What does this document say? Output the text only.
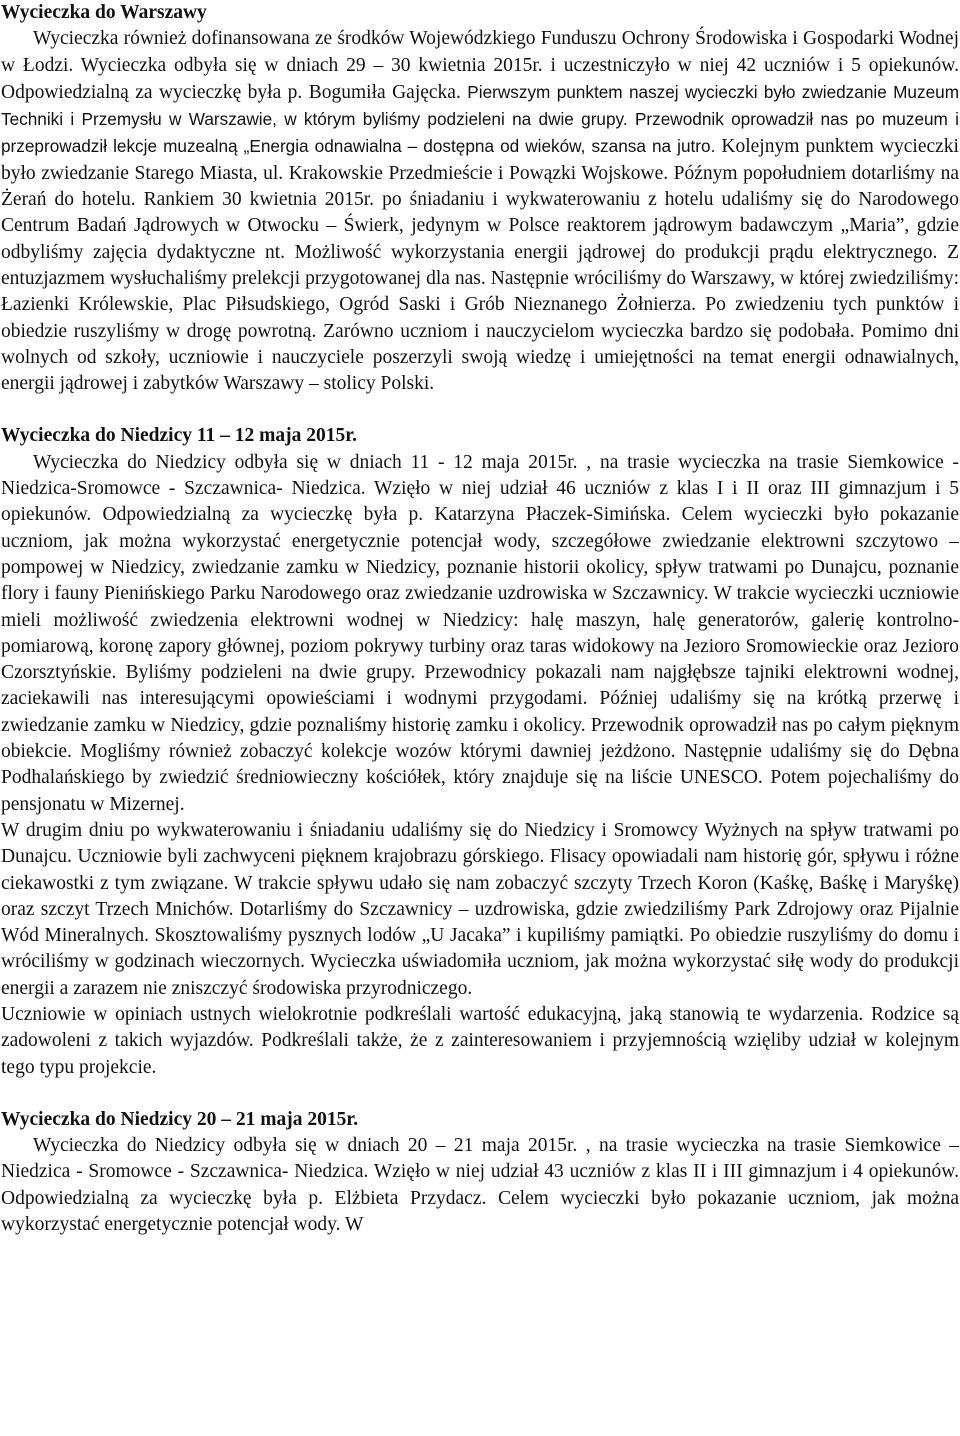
Wycieczka do Warszawy

Wycieczka również dofinansowana ze środków Wojewódzkiego Funduszu Ochrony Środowiska i Gospodarki Wodnej w Łodzi. Wycieczka odbyła się w dniach 29 – 30 kwietnia 2015r. i uczestniczyło w niej 42 uczniów i 5 opiekunów. Odpowiedzialną za wycieczkę była p. Bogumiła Gajęcka. Pierwszym punktem naszej wycieczki było zwiedzanie Muzeum Techniki i Przemysłu w Warszawie, w którym byliśmy podzieleni na dwie grupy. Przewodnik oprowadził nas po muzeum i przeprowadził lekcje muzealną „Energia odnawialna – dostępna od wieków, szansa na jutro. Kolejnym punktem wycieczki było zwiedzanie Starego Miasta, ul. Krakowskie Przedmieście i Powązki Wojskowe. Późnym popołudniem dotarliśmy na Żerań do hotelu. Rankiem 30 kwietnia 2015r. po śniadaniu i wykwaterowaniu z hotelu udaliśmy się do Narodowego Centrum Badań Jądrowych w Otwocku – Świerk, jedynym w Polsce reaktorem jądrowym badawczym „Maria”, gdzie odbyliśmy zajęcia dydaktyczne nt. Możliwość wykorzystania energii jądrowej do produkcji prądu elektrycznego. Z entuzjazmem wysłuchaliśmy prelekcji przygotowanej dla nas. Następnie wróciliśmy do Warszawy, w której zwiedziliśmy: Łazienki Królewskie, Plac Piłsudskiego, Ogród Saski i Grób Nieznanego Żołnierza. Po zwiedzeniu tych punktów i obiedzie ruszyliśmy w drogę powrotną. Zarówno uczniom i nauczycielom wycieczka bardzo się podobała. Pomimo dni wolnych od szkoły, uczniowie i nauczyciele poszerzyli swoją wiedzę i umiejętności na temat energii odnawialnych, energii jądrowej i zabytków Warszawy – stolicy Polski.

Wycieczka do Niedzicy 11 – 12 maja 2015r.

Wycieczka do Niedzicy odbyła się w dniach 11 - 12 maja 2015r. , na trasie wycieczka na trasie Siemkowice - Niedzica-Sromowce - Szczawnica- Niedzica. Wzięło w niej udział 46 uczniów z klas I i II oraz III gimnazjum i 5 opiekunów. Odpowiedzialną za wycieczkę była p. Katarzyna Płaczek-Simińska. Celem wycieczki było pokazanie uczniom, jak można wykorzystać energetycznie potencjał wody, szczegółowe zwiedzanie elektrowni szczytowo – pompowej w Niedzicy, zwiedzanie zamku w Niedzicy, poznanie historii okolicy, spływ tratwami po Dunajcu, poznanie flory i fauny Pienińskiego Parku Narodowego oraz zwiedzanie uzdrowiska w Szczawnicy. W trakcie wycieczki uczniowie mieli możliwość zwiedzenia elektrowni wodnej w Niedzicy: halę maszyn, halę generatorów, galerię kontrolno-pomiarową, koronę zapory głównej, poziom pokrywy turbiny oraz taras widokowy na Jezioro Sromowieckie oraz Jezioro Czorsztyńskie. Byliśmy podzieleni na dwie grupy. Przewodnicy pokazali nam najgłębsze tajniki elektrowni wodnej, zaciekawili nas interesującymi opowieściami i wodnymi przygodami. Później udaliśmy się na krótką przerwę i zwiedzanie zamku w Niedzicy, gdzie poznaliśmy historię zamku i okolicy. Przewodnik oprowadził nas po całym pięknym obiekcie. Mogliśmy również zobaczyć kolekcje wozów którymi dawniej jeżdżono. Następnie udaliśmy się do Dębna Podhalańskiego by zwiedzić średniowieczny kościółek, który znajduje się na liście UNESCO. Potem pojechaliśmy do pensjonatu w Mizernej.

W drugim dniu po wykwaterowaniu i śniadaniu udaliśmy się do Niedzicy i Sromowcy Wyżnych na spływ tratwami po Dunajcu. Uczniowie byli zachwyceni pięknem krajobrazu górskiego. Flisacy opowiadali nam historię gór, spływu i różne ciekawostki z tym związane. W trakcie spływu udało się nam zobaczyć szczyty Trzech Koron (Kaśkę, Baśkę i Maryśkę) oraz szczyt Trzech Mnichów. Dotarliśmy do Szczawnicy – uzdrowiska, gdzie zwiedziliśmy Park Zdrojowy oraz Pijalnie Wód Mineralnych. Skosztowaliśmy pysznych lodów „U Jacaka” i kupiliśmy pamiątki. Po obiedzie ruszyliśmy do domu i wróciliśmy w godzinach wieczornych. Wycieczka uświadomiła uczniom, jak można wykorzystać siłę wody do produkcji energii a zarazem nie zniszczyć środowiska przyrodniczego.

Uczniowie w opiniach ustnych wielokrotnie podkreślali wartość edukacyjną, jaką stanowią te wydarzenia. Rodzice są zadowoleni z takich wyjazdów. Podkreślali także, że z zainteresowaniem i przyjemnością wzięliby udział w kolejnym tego typu projekcie.

Wycieczka do Niedzicy 20 – 21 maja 2015r.

Wycieczka do Niedzicy odbyła się w dniach 20 – 21 maja 2015r. , na trasie wycieczka na trasie Siemkowice – Niedzica - Sromowce - Szczawnica- Niedzica. Wzięło w niej udział 43 uczniów z klas II i III gimnazjum i 4 opiekunów. Odpowiedzialną za wycieczkę była p. Elżbieta Przydacz. Celem wycieczki było pokazanie uczniom, jak można wykorzystać energetycznie potencjał wody. W
